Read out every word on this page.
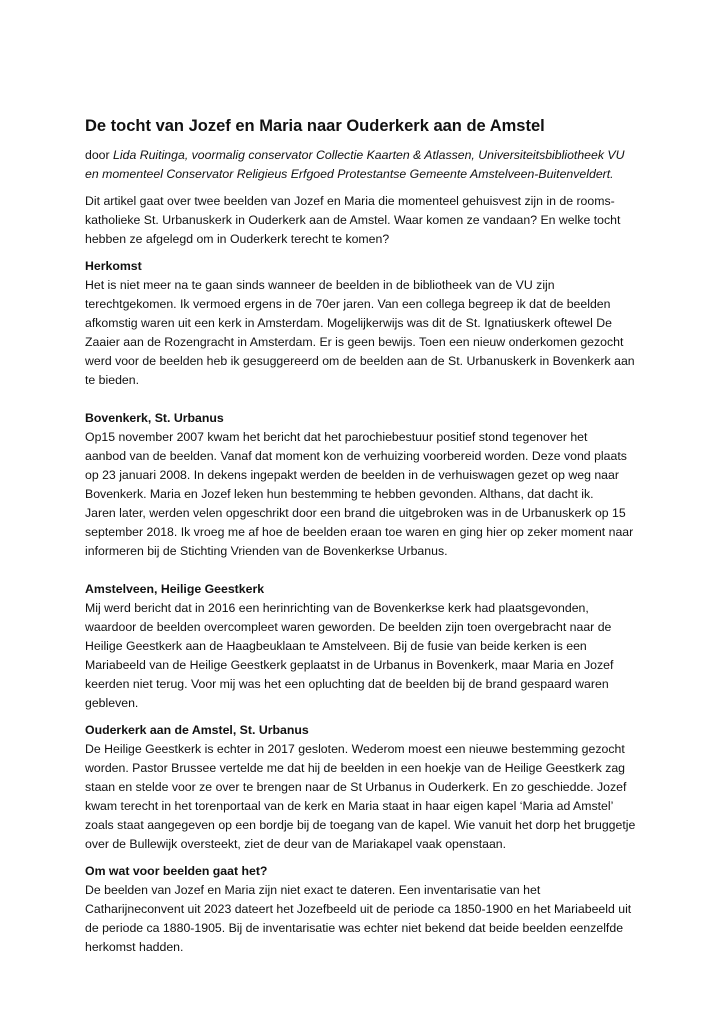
De tocht van Jozef en Maria naar Ouderkerk aan de Amstel
door Lida Ruitinga, voormalig conservator Collectie Kaarten & Atlassen, Universiteitsbibliotheek VU
en momenteel Conservator Religieus Erfgoed Protestantse Gemeente Amstelveen-Buitenveldert.
Dit artikel gaat over twee beelden van Jozef en Maria die momenteel gehuisvest zijn in de rooms-
katholieke St. Urbanuskerk in Ouderkerk aan de Amstel. Waar komen ze vandaan? En welke tocht
hebben ze afgelegd om in Ouderkerk terecht te komen?
Herkomst
Het is niet meer na te gaan sinds wanneer de beelden in de bibliotheek van de VU zijn
terechtgekomen. Ik vermoed ergens in de 70er jaren. Van een collega begreep ik dat de beelden
afkomstig waren uit een kerk in Amsterdam. Mogelijkerwijs was dit de St. Ignatiuskerk oftewel De
Zaaier aan de Rozengracht in Amsterdam. Er is geen bewijs. Toen een nieuw onderkomen gezocht
werd voor de beelden heb ik gesuggereerd om de beelden aan de St. Urbanuskerk in Bovenkerk aan
te bieden.
Bovenkerk, St. Urbanus
Op15 november 2007 kwam het bericht dat het parochiebestuur positief stond tegenover het
aanbod van de beelden. Vanaf dat moment kon de verhuizing voorbereid worden. Deze vond plaats
op 23 januari 2008. In dekens ingepakt werden de beelden in de verhuiswagen gezet op weg naar
Bovenkerk. Maria en Jozef leken hun bestemming te hebben gevonden. Althans, dat dacht ik.
Jaren later, werden velen opgeschrikt door een brand die uitgebroken was in de Urbanuskerk op 15
september 2018. Ik vroeg me af hoe de beelden eraan toe waren en ging hier op zeker moment naar
informeren bij de Stichting Vrienden van de Bovenkerkse Urbanus.
Amstelveen, Heilige Geestkerk
Mij werd bericht dat in 2016 een herinrichting van de Bovenkerkse kerk had plaatsgevonden,
waardoor de beelden overcompleet waren geworden. De beelden zijn toen overgebracht naar de
Heilige Geestkerk aan de Haagbeuklaan te Amstelveen. Bij de fusie van beide kerken is een
Mariabeeld van de Heilige Geestkerk geplaatst in de Urbanus in Bovenkerk, maar Maria en Jozef
keerden niet terug. Voor mij was het een opluchting dat de beelden bij de brand gespaard waren
gebleven.
Ouderkerk aan de Amstel, St. Urbanus
De Heilige Geestkerk is echter in 2017 gesloten. Wederom moest een nieuwe bestemming gezocht
worden. Pastor Brussee vertelde me dat hij de beelden in een hoekje van de Heilige Geestkerk zag
staan en stelde voor ze over te brengen naar de St Urbanus in Ouderkerk. En zo geschiedde. Jozef
kwam terecht in het torenportaal van de kerk en Maria staat in haar eigen kapel ‘Maria ad Amstel’
zoals staat aangegeven op een bordje bij de toegang van de kapel. Wie vanuit het dorp het bruggetje
over de Bullewijk oversteekt, ziet de deur van de Mariakapel vaak openstaan.
Om wat voor beelden gaat het?
De beelden van Jozef en Maria zijn niet exact te dateren. Een inventarisatie van het
Catharijneconvent uit 2023 dateert het Jozefbeeld uit de periode ca 1850-1900 en het Mariabeeld uit
de periode ca 1880-1905. Bij de inventarisatie was echter niet bekend dat beide beelden eenzelfde
herkomst hadden.
